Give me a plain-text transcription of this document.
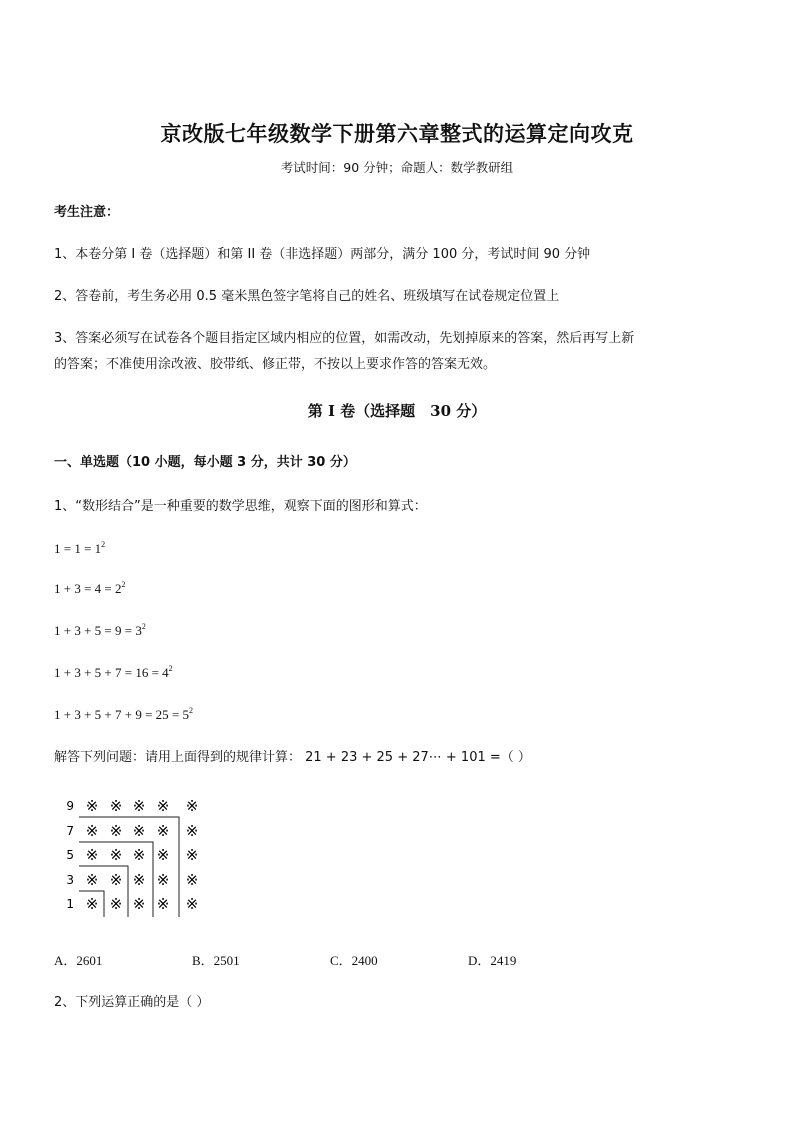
京改版七年级数学下册第六章整式的运算定向攻克
考试时间：90 分钟；命题人：数学教研组
考生注意：
1、本卷分第 I 卷（选择题）和第 II 卷（非选择题）两部分，满分 100 分，考试时间 90 分钟
2、答卷前，考生务必用 0.5 毫米黑色签字笔将自己的姓名、班级填写在试卷规定位置上
3、答案必须写在试卷各个题目指定区域内相应的位置，如需改动，先划掉原来的答案，然后再写上新
的答案；不准使用涂改液、胶带纸、修正带，不按以上要求作答的答案无效。
第 I 卷（选择题　30 分）
一、单选题（10 小题，每小题 3 分，共计 30 分）
1、“数形结合”是一种重要的数学思维，观察下面的图形和算式：
$1 = 1 = 1^2$
$1 + 3 = 4 = 2^2$
$1 + 3 + 5 = 9 = 3^2$
$1 + 3 + 5 + 7 = 16 = 4^2$
$1 + 3 + 5 + 7 + 9 = 25 = 5^2$
解答下列问题：请用上面得到的规律计算： 21 + 23 + 25 + 27⋯ + 101 =（ ）
9
7
5
3
1
※ ※ ※ ※ ※
※ ※ ※ ※ ※
※ ※ ※ ※ ※
※ ※ ※ ※ ※
※ ※ ※ ※ ※
A．2601	B．2501	C．2400	D．2419
2、下列运算正确的是（ ）
